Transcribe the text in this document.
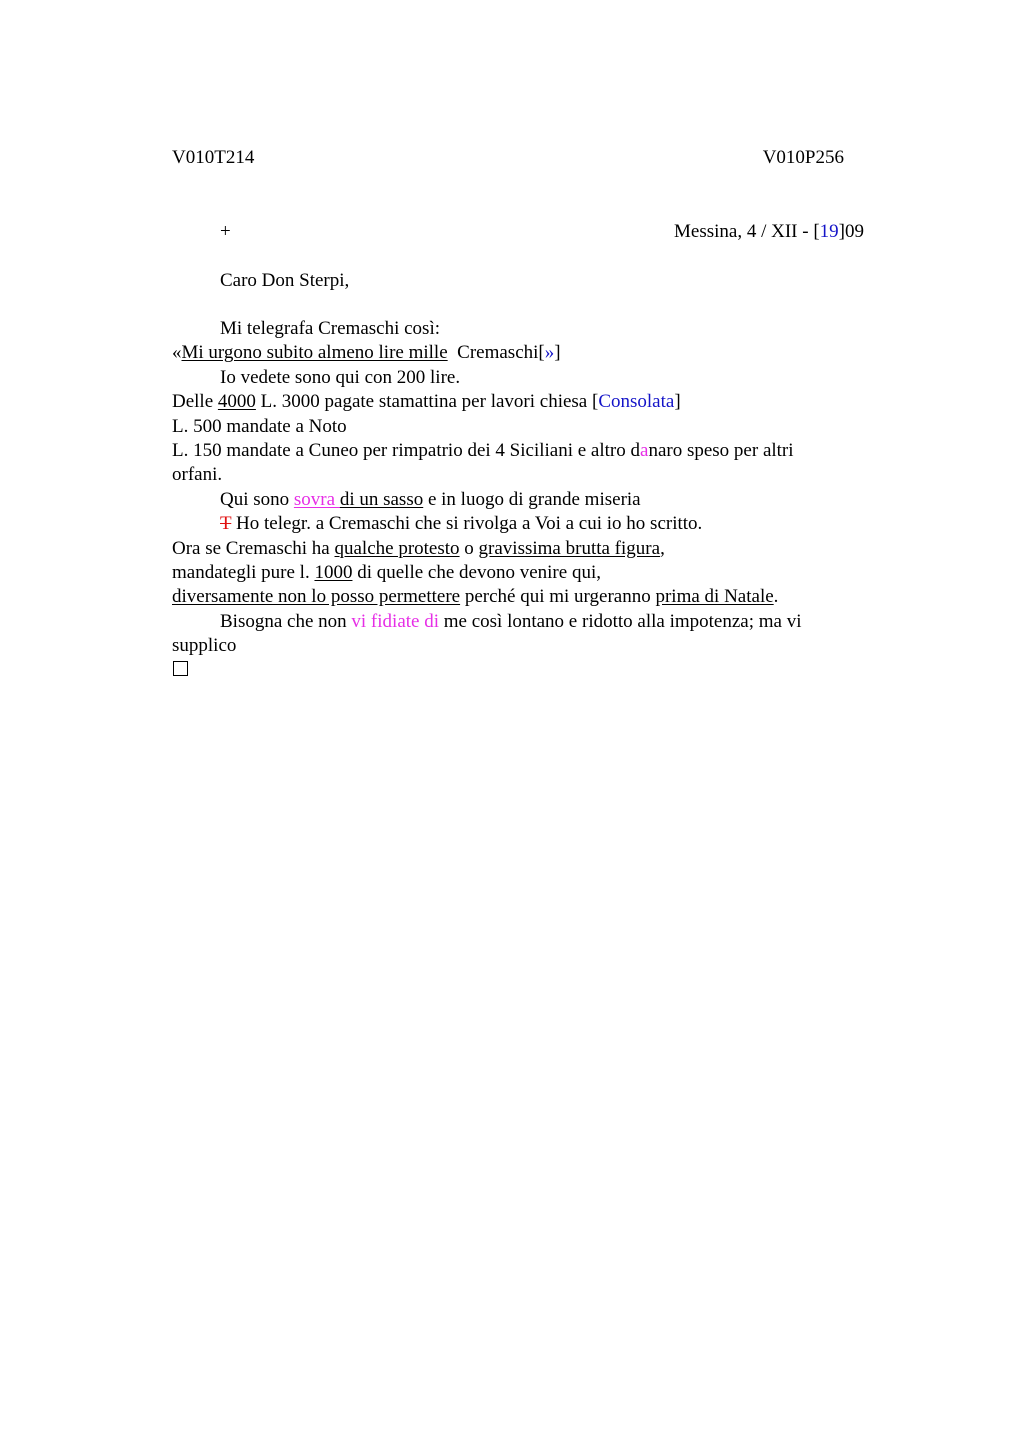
V010T214	V010P256
+	Messina, 4 / XII - [19]09
Caro Don Sterpi,
Mi telegrafa Cremaschi così:
«Mi urgono subito almeno lire mille  Cremaschi[»]
Io vedete sono qui con 200 lire.
Delle 4000 L. 3000 pagate stamattina per lavori chiesa [Consolata]
L. 500 mandate a Noto
L. 150 mandate a Cuneo per rimpatrio dei 4 Siciliani e altro danaro speso per altri
orfani.
Qui sono sovra di un sasso e in luogo di grande miseria
T Ho telegr. a Cremaschi che si rivolga a Voi a cui io ho scritto.
Ora se Cremaschi ha qualche protesto o gravissima brutta figura,
mandategli pure l. 1000 di quelle che devono venire qui,
diversamente non lo posso permettere perché qui mi urgeranno prima di Natale.
Bisogna che non vi fidiate di me così lontano e ridotto alla impotenza; ma vi
supplico
